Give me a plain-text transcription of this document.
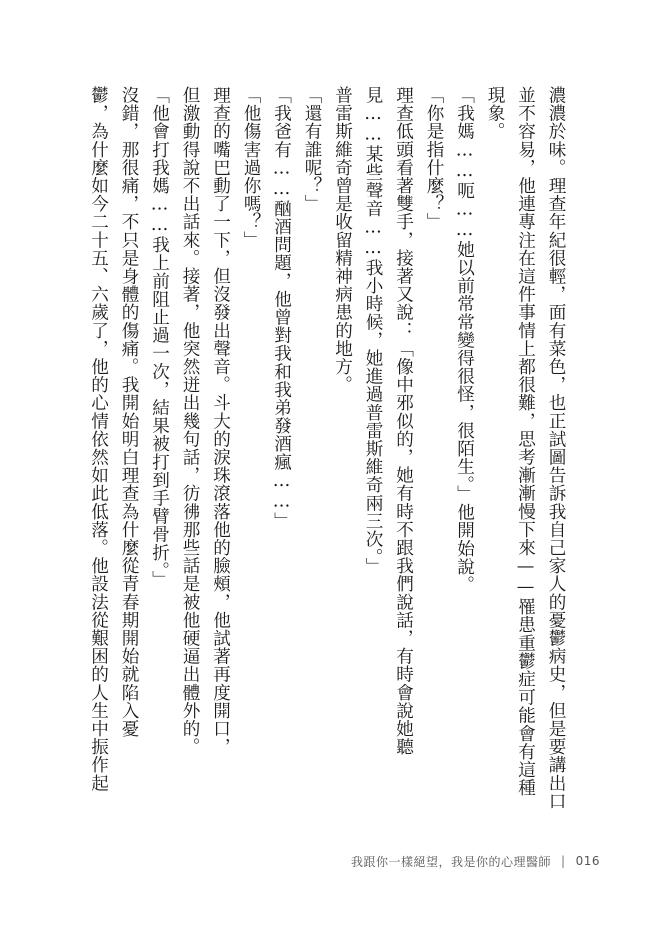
濃濃於味。理查年紀很輕，面有菜色，也正試圖告訴我自己家人的憂鬱病史，但是要講出口

並不容易，他連專注在這件事情上都很難，思考漸漸慢下來——罹患重鬱症可能會有這種

現象。

「我媽……呃……她以前常常變得很怪，很陌生。」他開始說。

「你是指什麼？」

理查低頭看著雙手，接著又說：「像中邪似的，她有時不跟我們說話，有時會說她聽

見……某些聲音……我小時候，她進過普雷斯維奇兩三次。」

普雷斯維奇曾是收留精神病患的地方。

「還有誰呢？」

「我爸有……酗酒問題，他曾對我和我弟發酒瘋……」

「他傷害過你嗎？」

理查的嘴巴動了一下，但沒發出聲音。斗大的淚珠滾落他的臉頰，他試著再度開口，

但激動得說不出話來。接著，他突然迸出幾句話，彷彿那些話是被他硬逼出體外的。

「他會打我媽……我上前阻止過一次，結果被打到手臂骨折。」

沒錯，那很痛，不只是身體的傷痛。我開始明白理查為什麼從青春期開始就陷入憂

鬱，為什麼如今二十五、六歲了，他的心情依然如此低落。他設法從艱困的人生中振作起

我跟你一樣絕望，我是你的心理醫師 | 016
